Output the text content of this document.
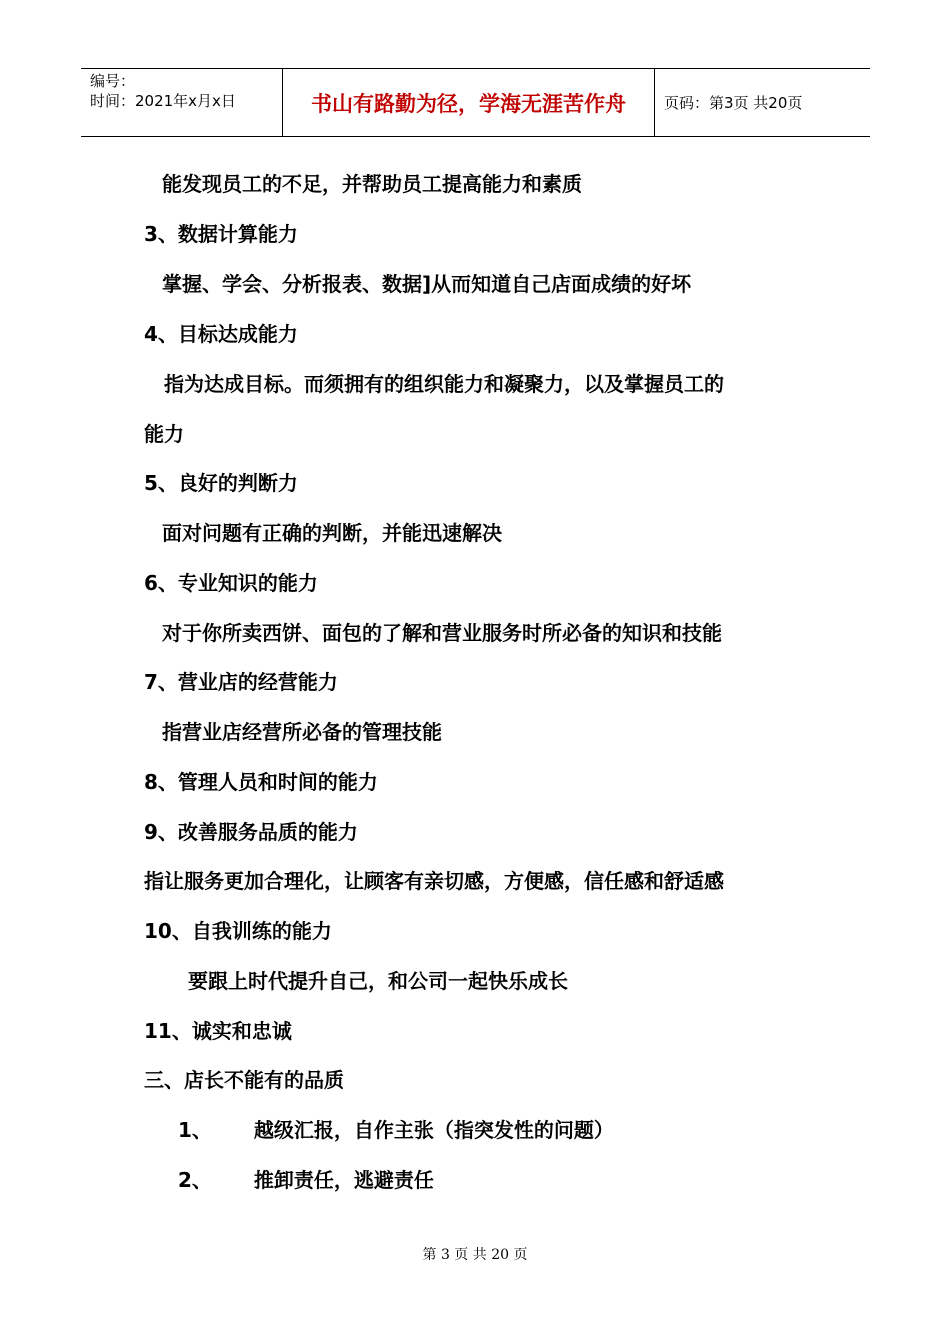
编号：
时间：2021年x月x日	书山有路勤为径，学海无涯苦作舟	页码：第3页 共20页
能发现员工的不足，并帮助员工提高能力和素质
3、数据计算能力
掌握、学会、分析报表、数据]从而知道自己店面成绩的好坏
4、目标达成能力
指为达成目标。而须拥有的组织能力和凝聚力，以及掌握员工的
能力
5、良好的判断力
面对问题有正确的判断，并能迅速解决
6、专业知识的能力
对于你所卖西饼、面包的了解和营业服务时所必备的知识和技能
7、营业店的经营能力
指营业店经营所必备的管理技能
8、管理人员和时间的能力
9、改善服务品质的能力
指让服务更加合理化，让顾客有亲切感，方便感，信任感和舒适感
10、自我训练的能力
要跟上时代提升自己，和公司一起快乐成长
11、诚实和忠诚
三、店长不能有的品质
1、 越级汇报，自作主张（指突发性的问题）
2、 推卸责任，逃避责任
第 3 页 共 20 页
